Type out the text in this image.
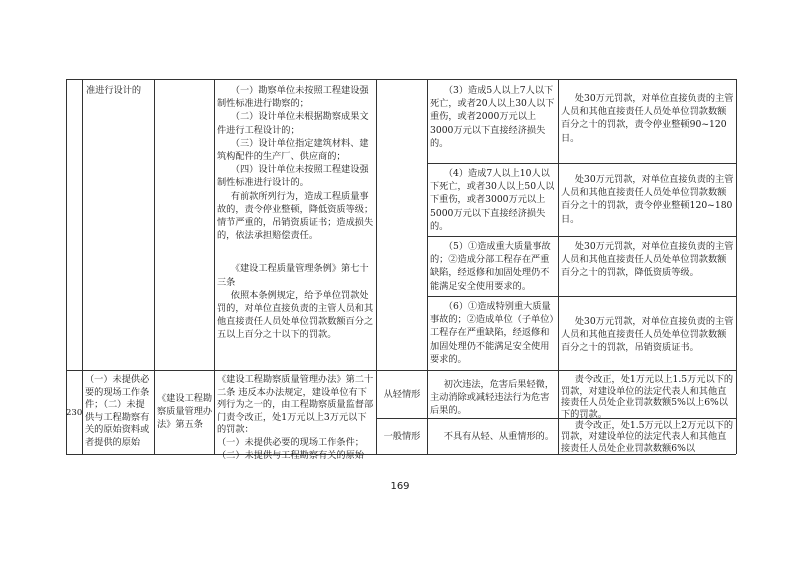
准进行设计的	（一）勘察单位未按照工程建设强制性标准进行勘察的；

（二）设计单位未根据勘察成果文件进行工程设计的；

（三）设计单位指定建筑材料、建筑构配件的生产厂、供应商的；

（四）设计单位未按照工程建设强制性标准进行设计的。

有前款所列行为，造成工程质量事故的，责令停业整顿，降低资质等级；情节严重的，吊销资质证书；造成损失的，依法承担赔偿责任。

《建设工程质量管理条例》第七十三条

依照本条例规定，给予单位罚款处罚的，对单位直接负责的主管人员和其他直接责任人员处单位罚款数额百分之五以上百分之十以下的罚款。

（3）造成5人以上7人以下死亡，或者20人以上30人以下重伤，或者2000万元以上3000万元以下直接经济损失的。

处30万元罚款，对单位直接负责的主管人员和其他直接责任人员处单位罚款数额百分之十的罚款，责令停业整顿90~120日。

（4）造成7人以上10人以下死亡，或者30人以上50人以下重伤，或者3000万元以上5000万元以下直接经济损失的。

处30万元罚款，对单位直接负责的主管人员和其他直接责任人员处单位罚款数额百分之十的罚款，责令停业整顿120~180日。

（5）①造成重大质量事故的；②造成分部工程存在严重缺陷，经返修和加固处理仍不能满足安全使用要求的。

处30万元罚款，对单位直接负责的主管人员和其他直接责任人员处单位罚款数额百分之十的罚款，降低资质等级。

（6）①造成特别重大质量事故的；②造成单位（子单位）工程存在严重缺陷，经返修和加固处理仍不能满足安全使用要求的。

处30万元罚款，对单位直接负责的主管人员和其他直接责任人员处单位罚款数额百分之十的罚款，吊销资质证书。

230

（一）未提供必要的现场工作条件；（二）未提供与工程勘察有关的原始资料或者提供的原始

《建设工程勘察质量管理办法》第五条

《建设工程勘察质量管理办法》第二十二条 违反本办法规定，建设单位有下列行为之一的，由工程勘察质量监督部门责令改正，处1万元以上3万元以下的罚款：

（一）未提供必要的现场工作条件；

（二）未提供与工程勘察有关的原始

从轻情形

初次违法，危害后果轻微，主动消除或减轻违法行为危害后果的。

责令改正，处1万元以上1.5万元以下的罚款，对建设单位的法定代表人和其他直接责任人员处企业罚款数额5%以上6%以下的罚款。

一般情形	不具有从轻、从重情形的。

责令改正，处1.5万元以上2万元以下的罚款，对建设单位的法定代表人和其他直接责任人员处企业罚款数额6%以

169
